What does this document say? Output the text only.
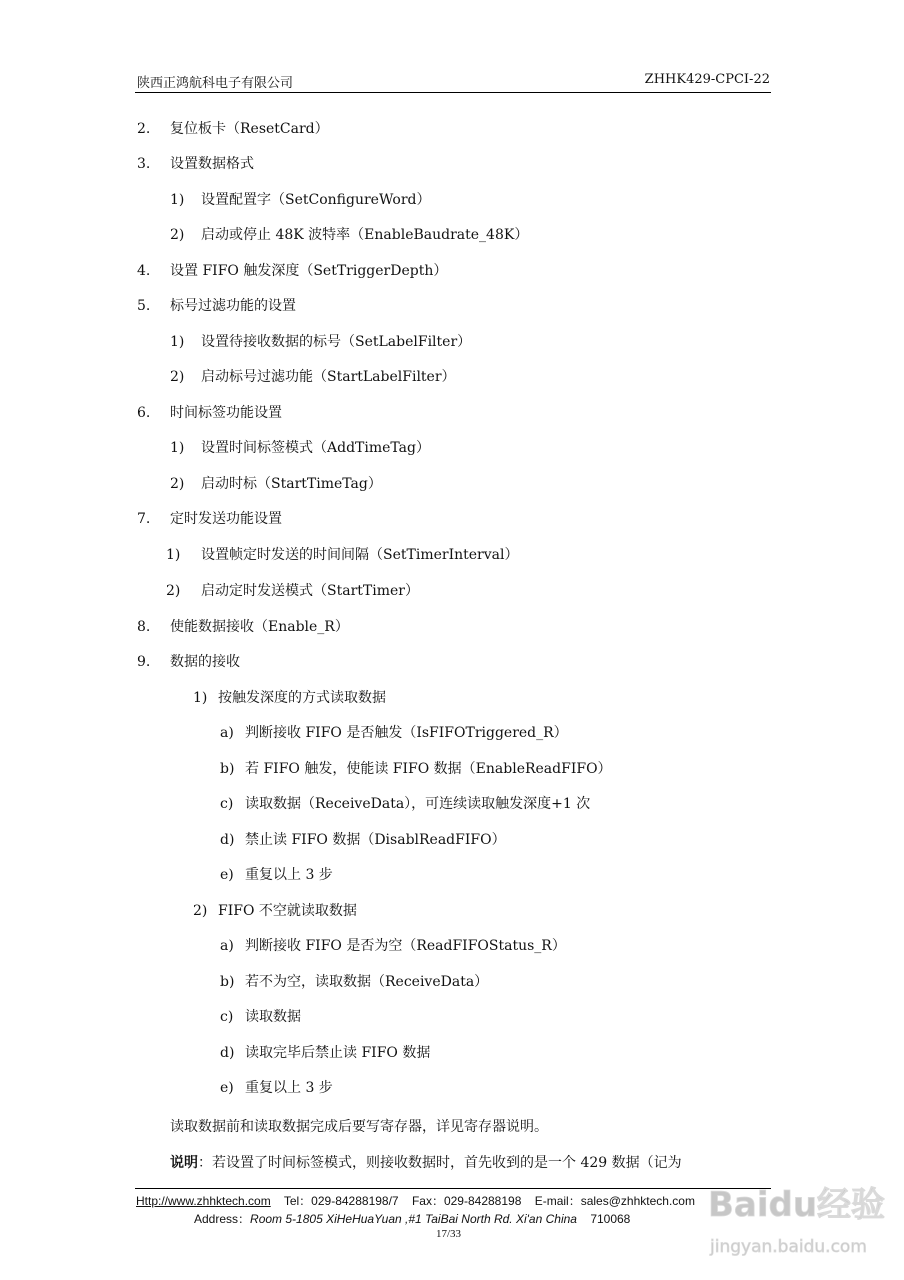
陕西正鸿航科电子有限公司	ZHHK429-CPCI-22
2. 复位板卡（ResetCard）
3. 设置数据格式
1) 设置配置字（SetConfigureWord）
2) 启动或停止 48K 波特率（EnableBaudrate_48K）
4. 设置 FIFO 触发深度（SetTriggerDepth）
5. 标号过滤功能的设置
1) 设置待接收数据的标号（SetLabelFilter）
2) 启动标号过滤功能（StartLabelFilter）
6. 时间标签功能设置
1) 设置时间标签模式（AddTimeTag）
2) 启动时标（StartTimeTag）
7. 定时发送功能设置
1) 设置帧定时发送的时间间隔（SetTimerInterval）
2) 启动定时发送模式（StartTimer）
8. 使能数据接收（Enable_R）
9. 数据的接收
1) 按触发深度的方式读取数据
a) 判断接收 FIFO 是否触发（IsFIFOTriggered_R）
b) 若 FIFO 触发，使能读 FIFO 数据（EnableReadFIFO）
c) 读取数据（ReceiveData），可连续读取触发深度+1 次
d) 禁止读 FIFO 数据（DisablReadFIFO）
e) 重复以上 3 步
2) FIFO 不空就读取数据
a) 判断接收 FIFO 是否为空（ReadFIFOStatus_R）
b) 若不为空，读取数据（ReceiveData）
c) 读取数据
d) 读取完毕后禁止读 FIFO 数据
e) 重复以上 3 步
读取数据前和读取数据完成后要写寄存器，详见寄存器说明。
说明：若设置了时间标签模式，则接收数据时，首先收到的是一个 429 数据（记为
Http://www.zhhktech.com Tel：029-84288198/7 Fax：029-84288198 E-mail：sales@zhhktech.com
Address：Room 5-1805 XiHeHuaYuan ,#1 TaiBai North Rd. Xi'an China 710068
17/33
Baidu经验
jingyan.baidu.com
